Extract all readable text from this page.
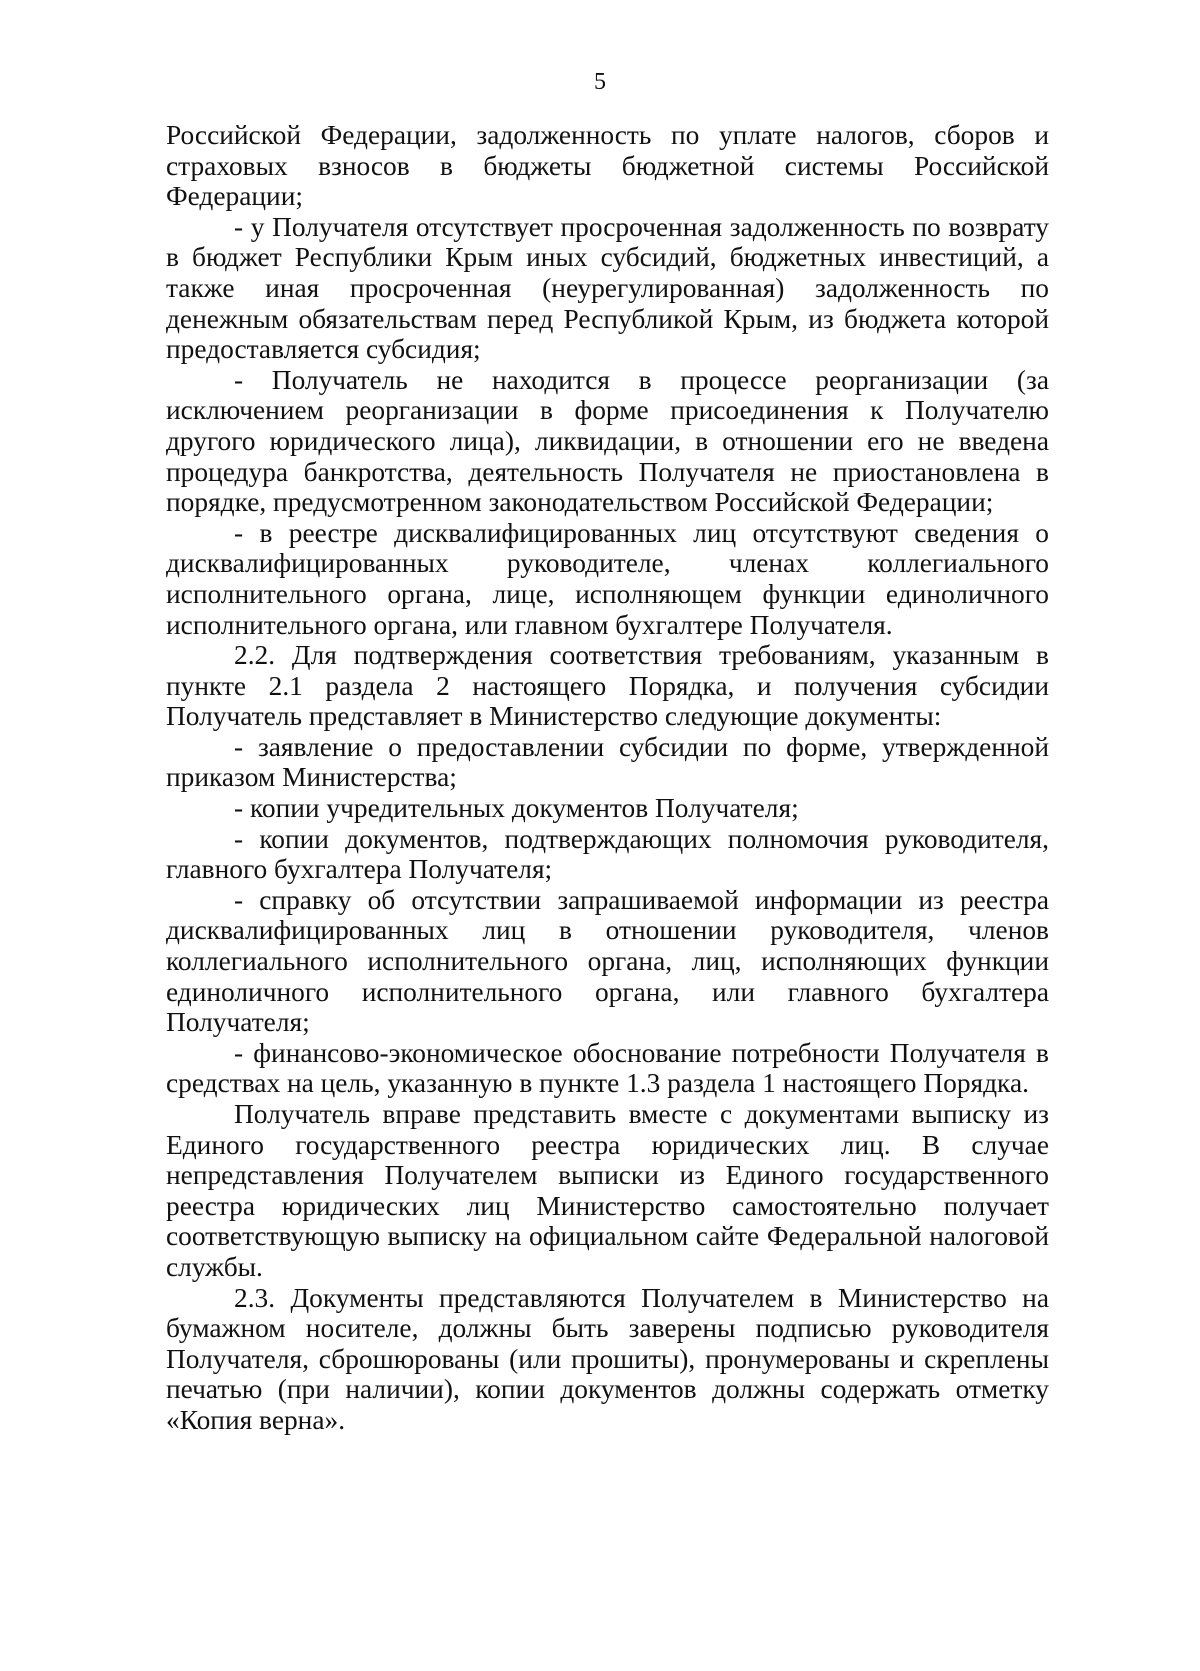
5

Российской Федерации, задолженность по уплате налогов, сборов и страховых взносов в бюджеты бюджетной системы Российской Федерации;

- у Получателя отсутствует просроченная задолженность по возврату в бюджет Республики Крым иных субсидий, бюджетных инвестиций, а также иная просроченная (неурегулированная) задолженность по денежным обязательствам перед Республикой Крым, из бюджета которой предоставляется субсидия;

- Получатель не находится в процессе реорганизации (за исключением реорганизации в форме присоединения к Получателю другого юридического лица), ликвидации, в отношении его не введена процедура банкротства, деятельность Получателя не приостановлена в порядке, предусмотренном законодательством Российской Федерации;

- в реестре дисквалифицированных лиц отсутствуют сведения о дисквалифицированных руководителе, членах коллегиального исполнительного органа, лице, исполняющем функции единоличного исполнительного органа, или главном бухгалтере Получателя.

2.2. Для подтверждения соответствия требованиям, указанным в пункте 2.1 раздела 2 настоящего Порядка, и получения субсидии Получатель представляет в Министерство следующие документы:

- заявление о предоставлении субсидии по форме, утвержденной приказом Министерства;

- копии учредительных документов Получателя;

- копии документов, подтверждающих полномочия руководителя, главного бухгалтера Получателя;

- справку об отсутствии запрашиваемой информации из реестра дисквалифицированных лиц в отношении руководителя, членов коллегиального исполнительного органа, лиц, исполняющих функции единоличного исполнительного органа, или главного бухгалтера Получателя;

- финансово-экономическое обоснование потребности Получателя в средствах на цель, указанную в пункте 1.3 раздела 1 настоящего Порядка.

Получатель вправе представить вместе с документами выписку из Единого государственного реестра юридических лиц. В случае непредставления Получателем выписки из Единого государственного реестра юридических лиц Министерство самостоятельно получает соответствующую выписку на официальном сайте Федеральной налоговой службы.

2.3. Документы представляются Получателем в Министерство на бумажном носителе, должны быть заверены подписью руководителя Получателя, сброшюрованы (или прошиты), пронумерованы и скреплены печатью (при наличии), копии документов должны содержать отметку «Копия верна».
